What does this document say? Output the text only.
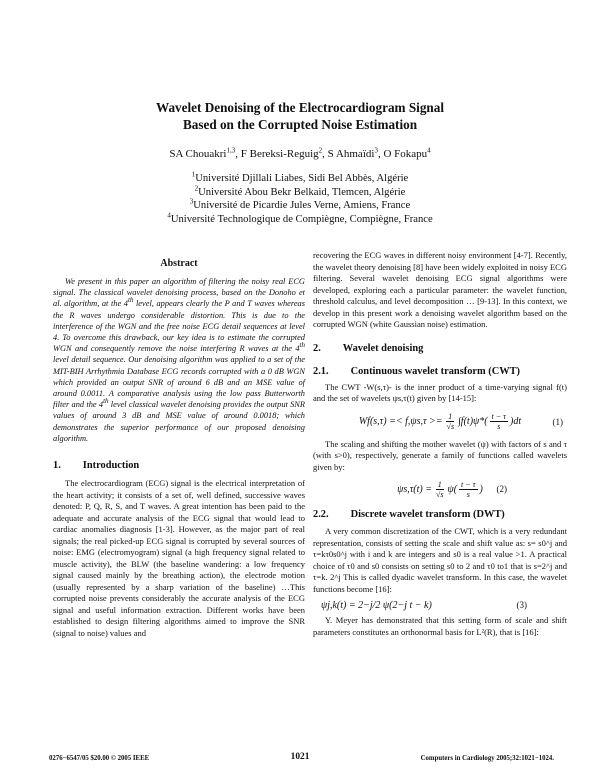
Wavelet Denoising of the Electrocardiogram Signal
Based on the Corrupted Noise Estimation
SA Chouakri$^{1,3}$, F Bereksi-Reguig$^2$, S Ahmaïdi$^3$, O Fokapu$^4$
$^1$Université Djillali Liabes, Sidi Bel Abbès, Algérie
$^2$Université Abou Bekr Belkaid, Tlemcen, Algérie
$^3$Université de Picardie Jules Verne, Amiens, France
$^4$Université Technologique de Compiègne, Compiègne, France
Abstract

We present in this paper an algorithm of filtering the noisy real ECG signal. The classical wavelet denoising process, based on the Donoho et al. algorithm, at the 4th level, appears clearly the P and T waves whereas the R waves undergo considerable distortion. This is due to the interference of the WGN and the free noise ECG detail sequences at level 4. To overcome this drawback, our key idea is to estimate the corrupted WGN and consequently remove the noise interfering R waves at the 4th level detail sequence. Our denoising algorithm was applied to a set of the MIT-BIH Arrhythmia Database ECG records corrupted with a 0 dB WGN which provided an output SNR of around 6 dB and an MSE value of around 0.0011. A comparative analysis using the low pass Butterworth filter and the 4th level classical wavelet denoising provides the output SNR values of around 3 dB and MSE value of around 0.0018; which demonstrates the superior performance of our proposed denoising algorithm.

1. Introduction

The electrocardiogram (ECG) signal is the electrical interpretation of the heart activity; it consists of a set of, well defined, successive waves denoted: P, Q, R, S, and T waves. A great intention has been paid to the adequate and accurate analysis of the ECG signal that would lead to cardiac anomalies diagnosis [1-3]. However, as the major part of real signals; the real picked-up ECG signal is corrupted by several sources of noise: EMG (electromyogram) signal (a high frequency signal related to muscle activity), the BLW (the baseline wandering: a low frequency signal caused mainly by the breathing action), the electrode motion (usually represented by a sharp variation of the baseline) …This corrupted noise prevents considerably the accurate analysis of the ECG signal and useful information extraction. Different works have been established to design filtering algorithms aimed to improve the SNR (signal to noise) values and

recovering the ECG waves in different noisy environment [4-7]. Recently, the wavelet theory denoising [8] have been widely exploited in noisy ECG filtering. Several wavelet denoising ECG signal algorithms were developed, exploring each a particular parameter: the wavelet function, threshold calculus, and level decomposition … [9-13]. In this context, we develop in this present work a denoising wavelet algorithm based on the corrupted WGN (white Gaussian noise) estimation.

2. Wavelet denoising
2.1. Continuous wavelet transform (CWT)

The CWT -W(s,τ)- is the inner product of a time-varying signal f(t) and the set of wavelets ψs,τ(t) given by [14-15]:

$Wf(s,\tau) =< f,\psi s,\tau >= \frac{1}{√s} \int f(t)\psi*( \frac{t - \tau}{s} )dt$	(1)

The scaling and shifting the mother wavelet (ψ) with factors of s and τ (with s>0), respectively, generate a family of functions called wavelets given by:

$\psi s,\tau(t) = \frac{1}{√s} \psi( \frac{t - \tau}{s}$ ) (2)
2.2. Discrete wavelet transform (DWT)

A very common discretization of the CWT, which is a very redundant representation, consists of setting the scale and shift value as: s= s0^j and τ=kτ0s0^j with i and k are integers and s0 is a real value >1. A practical choice of τ0 and s0 consists on setting s0 to 2 and τ0 to1 that is s=2^j and τ=k. 2^j This is called dyadic wavelet transform. In this case, the wavelet functions become [16]:

ψj,k(t) = 2−j/2 ψ(2−j t − k)	(3)

Y. Meyer has demonstrated that this setting form of scale and shift parameters constitutes an orthonormal basis for L²(R), that is [16]:

0276−6547/05 $20.00 © 2005 IEEE	1021	Computers in Cardiology 2005;32:1021−1024.
